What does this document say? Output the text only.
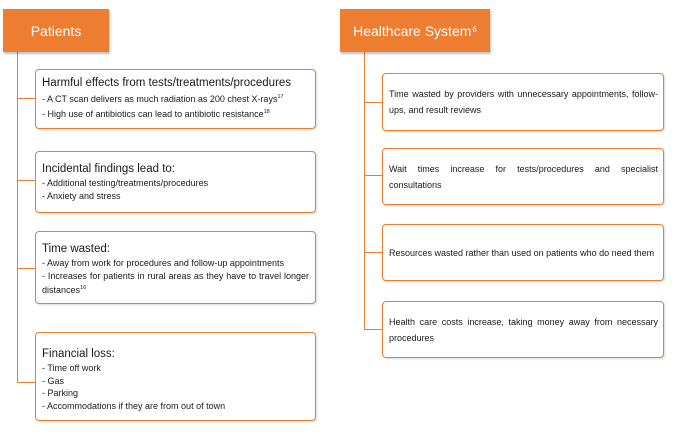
Patients	Healthcare System$^6$
Harmful effects from tests/treatments/procedures
- A CT scan delivers as much radiation as 200 chest X-rays$^{17}$
- High use of antibiotics can lead to antibiotic resistance$^{18}$
Incidental findings lead to:
- Additional testing/treatments/procedures
- Anxiety and stress
Time wasted:
- Away from work for procedures and follow-up appointments
- Increases for patients in rural areas as they have to travel longer distances$^{16}$
Financial loss:
- Time off work
- Gas
- Parking
- Accommodations if they are from out of town
Time wasted by providers with unnecessary appointments, follow-ups, and result reviews
Wait times increase for tests/procedures and specialist consultations
Resources wasted rather than used on patients who do need them
Health care costs increase, taking money away from necessary procedures
